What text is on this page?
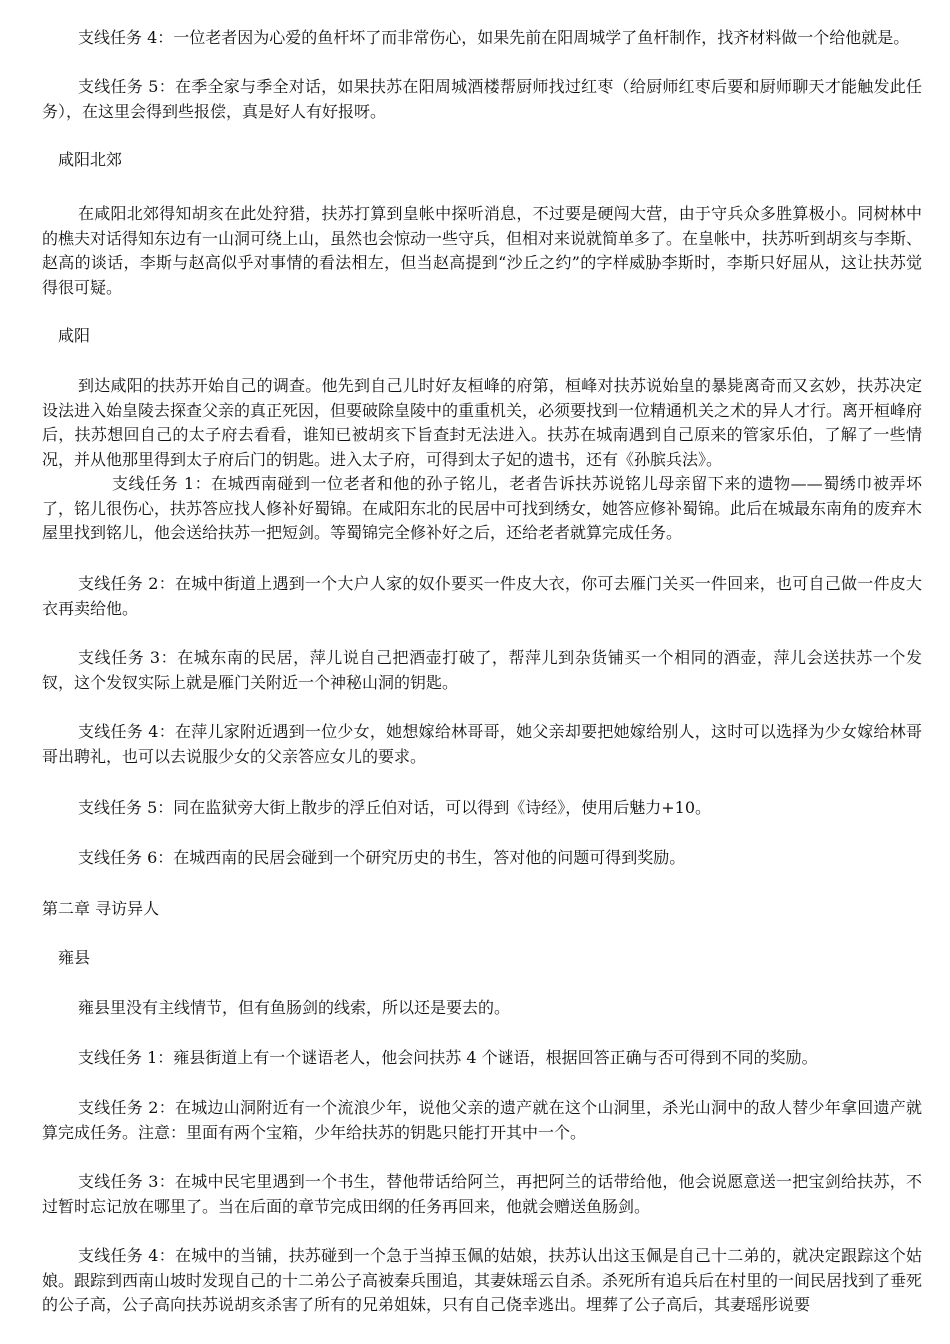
支线任务 4：一位老者因为心爱的鱼杆坏了而非常伤心，如果先前在阳周城学了鱼杆制作，找齐材料做一个给他就是。

支线任务 5：在季全家与季全对话，如果扶苏在阳周城酒楼帮厨师找过红枣（给厨师红枣后要和厨师聊天才能触发此任务），在这里会得到些报偿，真是好人有好报呀。

咸阳北郊

在咸阳北郊得知胡亥在此处狩猎，扶苏打算到皇帐中探听消息，不过要是硬闯大营，由于守兵众多胜算极小。同树林中的樵夫对话得知东边有一山洞可绕上山，虽然也会惊动一些守兵，但相对来说就简单多了。在皇帐中，扶苏听到胡亥与李斯、赵高的谈话，李斯与赵高似乎对事情的看法相左，但当赵高提到“沙丘之约”的字样威胁李斯时，李斯只好屈从，这让扶苏觉得很可疑。

咸阳

到达咸阳的扶苏开始自己的调查。他先到自己儿时好友桓峰的府第，桓峰对扶苏说始皇的暴毙离奇而又玄妙，扶苏决定设法进入始皇陵去探查父亲的真正死因，但要破除皇陵中的重重机关，必须要找到一位精通机关之术的异人才行。离开桓峰府后，扶苏想回自己的太子府去看看，谁知已被胡亥下旨查封无法进入。扶苏在城南遇到自己原来的管家乐伯，了解了一些情况，并从他那里得到太子府后门的钥匙。进入太子府，可得到太子妃的遗书，还有《孙膑兵法》。

支线任务 1：在城西南碰到一位老者和他的孙子铭儿，老者告诉扶苏说铭儿母亲留下来的遗物——蜀绣巾被弄坏了，铭儿很伤心，扶苏答应找人修补好蜀锦。在咸阳东北的民居中可找到绣女，她答应修补蜀锦。此后在城最东南角的废弃木屋里找到铭儿，他会送给扶苏一把短剑。等蜀锦完全修补好之后，还给老者就算完成任务。

支线任务 2：在城中街道上遇到一个大户人家的奴仆要买一件皮大衣，你可去雁门关买一件回来，也可自己做一件皮大衣再卖给他。

支线任务 3：在城东南的民居，萍儿说自己把酒壶打破了，帮萍儿到杂货铺买一个相同的酒壶，萍儿会送扶苏一个发钗，这个发钗实际上就是雁门关附近一个神秘山洞的钥匙。

支线任务 4：在萍儿家附近遇到一位少女，她想嫁给林哥哥，她父亲却要把她嫁给别人，这时可以选择为少女嫁给林哥哥出聘礼，也可以去说服少女的父亲答应女儿的要求。

支线任务 5：同在监狱旁大街上散步的浮丘伯对话，可以得到《诗经》，使用后魅力+10。

支线任务 6：在城西南的民居会碰到一个研究历史的书生，答对他的问题可得到奖励。

第二章 寻访异人

雍县

雍县里没有主线情节，但有鱼肠剑的线索，所以还是要去的。

支线任务 1：雍县街道上有一个谜语老人，他会问扶苏 4 个谜语，根据回答正确与否可得到不同的奖励。

支线任务 2：在城边山洞附近有一个流浪少年，说他父亲的遗产就在这个山洞里，杀光山洞中的敌人替少年拿回遗产就算完成任务。注意：里面有两个宝箱，少年给扶苏的钥匙只能打开其中一个。

支线任务 3：在城中民宅里遇到一个书生，替他带话给阿兰，再把阿兰的话带给他，他会说愿意送一把宝剑给扶苏，不过暂时忘记放在哪里了。当在后面的章节完成田纲的任务再回来，他就会赠送鱼肠剑。

支线任务 4：在城中的当铺，扶苏碰到一个急于当掉玉佩的姑娘，扶苏认出这玉佩是自己十二弟的，就决定跟踪这个姑娘。跟踪到西南山坡时发现自己的十二弟公子高被秦兵围追，其妻妹瑶云自杀。杀死所有追兵后在村里的一间民居找到了垂死的公子高，公子高向扶苏说胡亥杀害了所有的兄弟姐妹，只有自己侥幸逃出。埋葬了公子高后，其妻瑶彤说要
